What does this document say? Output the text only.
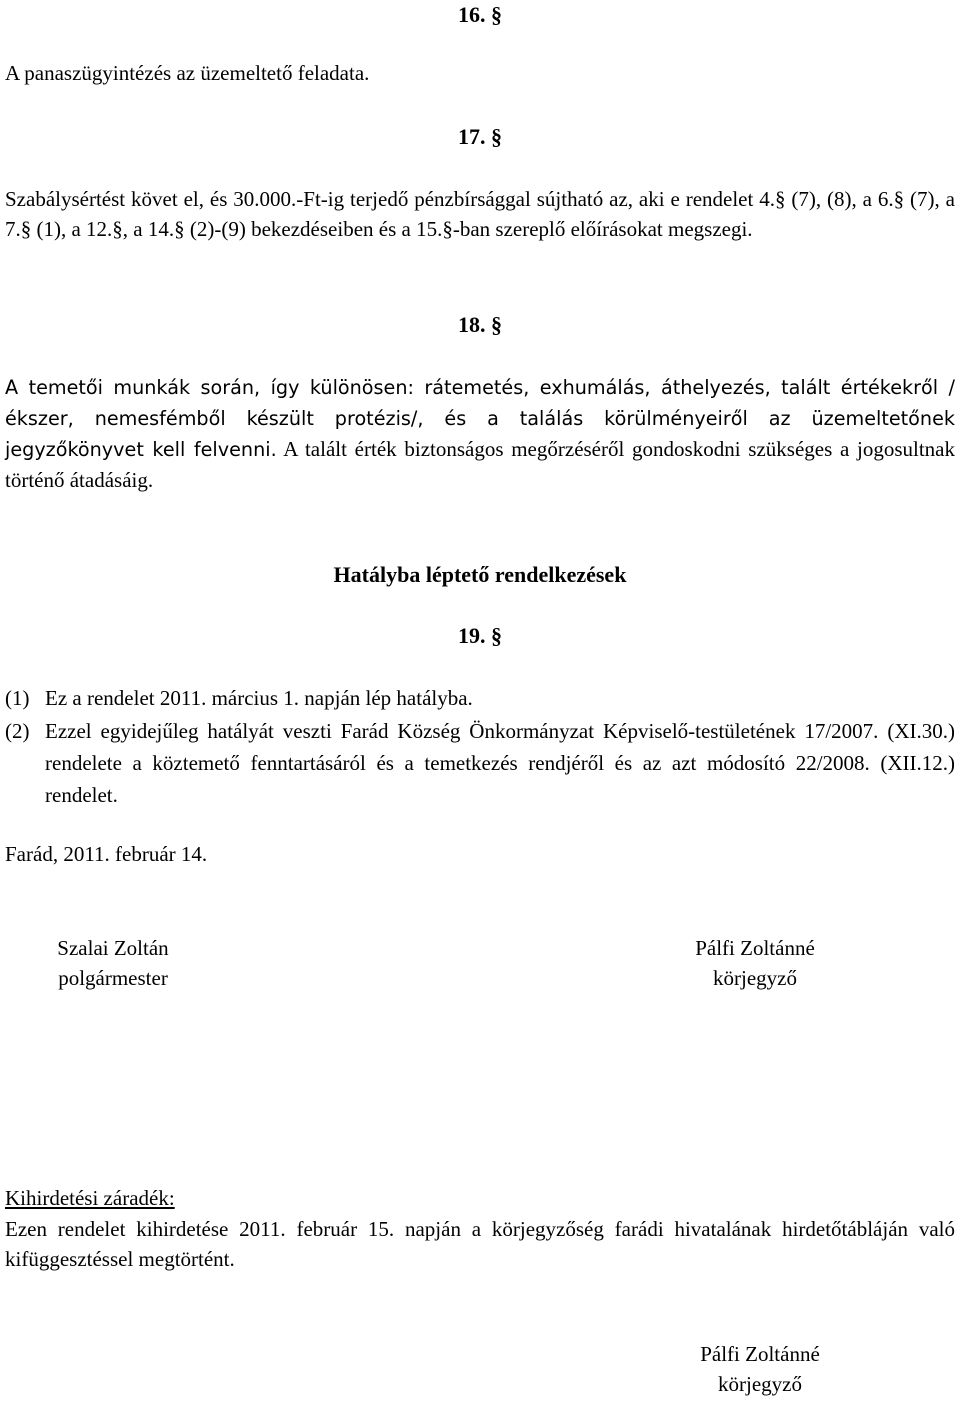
16. §
A panaszügyintézés az üzemeltető feladata.
17. §
Szabálysértést követ el, és 30.000.-Ft-ig terjedő pénzbírsággal sújtható az, aki e rendelet 4.§ (7), (8), a 6.§ (7), a 7.§ (1), a 12.§, a 14.§ (2)-(9) bekezdéseiben és a 15.§-ban szereplő előírásokat megszegi.
18. §
A temetői munkák során, így különösen: rátemetés, exhumálás, áthelyezés, talált értékekről /ékszer, nemesfémből készült protézis/, és a találás körülményeiről az üzemeltetőnek jegyzőkönyvet kell felvenni. A talált érték biztonságos megőrzéséről gondoskodni szükséges a jogosultnak történő átadásáig.
Hatályba léptető rendelkezések
19. §
(1) Ez a rendelet 2011. március 1. napján lép hatályba.
(2) Ezzel egyidejűleg hatályát veszti Farád Község Önkormányzat Képviselő-testületének 17/2007. (XI.30.) rendelete a köztemető fenntartásáról és a temetkezés rendjéről és az azt módosító 22/2008. (XII.12.) rendelet.
Farád, 2011. február 14.
Szalai Zoltán
polgármester
Pálfi Zoltánné
körjegyző
Kihirdetési záradék:
Ezen rendelet kihirdetése 2011. február 15. napján a körjegyzőség farádi hivatalának hirdetőtábláján való kifüggesztéssel megtörtént.
Pálfi Zoltánné
körjegyző
